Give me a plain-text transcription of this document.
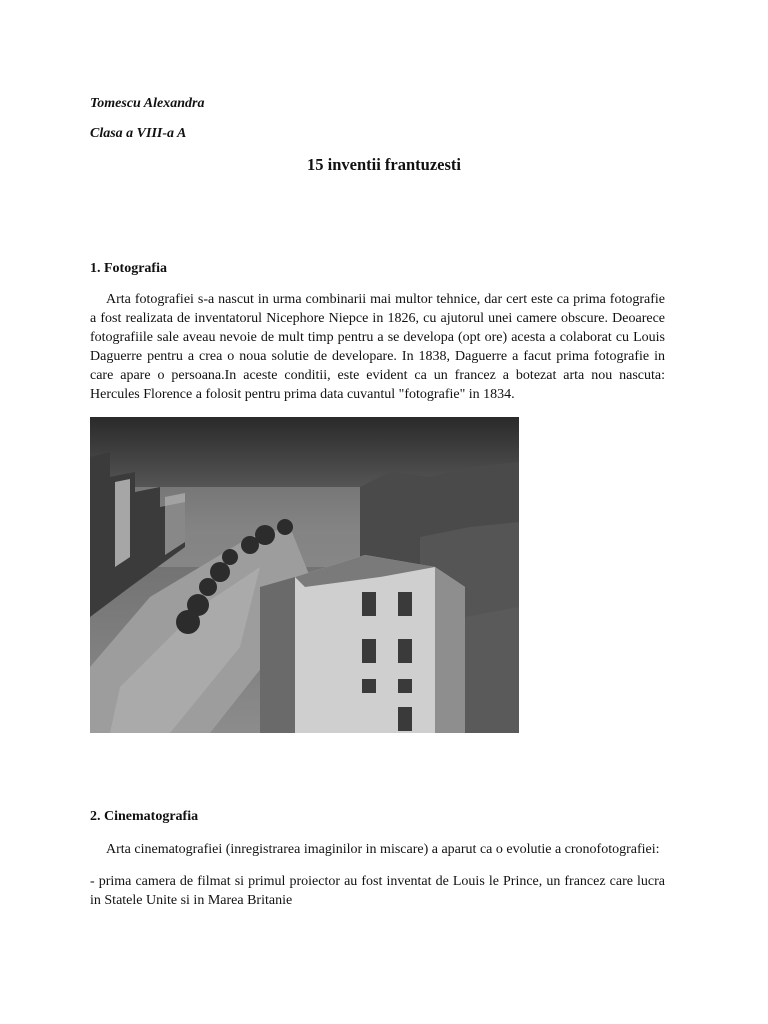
Tomescu Alexandra
Clasa a VIII-a A
15 inventii frantuzesti
1. Fotografia
Arta fotografiei s-a nascut in urma combinarii mai multor tehnice, dar cert este ca prima fotografie a fost realizata de inventatorul Nicephore Niepce in 1826, cu ajutorul unei camere obscure. Deoarece fotografiile sale aveau nevoie de mult timp pentru a se developa (opt ore) acesta a colaborat cu Louis Daguerre pentru a crea o noua solutie de developare. In 1838, Daguerre a facut prima fotografie in care apare o persoana.In aceste conditii, este evident ca un francez a botezat arta nou nascuta: Hercules Florence a folosit pentru prima data cuvantul "fotografie" in 1834.
2. Cinematografia
Arta cinematografiei (inregistrarea imaginilor in miscare) a aparut ca o evolutie a cronofotografiei:
- prima camera de filmat si primul proiector au fost inventat de Louis le Prince, un francez care lucra in Statele Unite si in Marea Britanie
